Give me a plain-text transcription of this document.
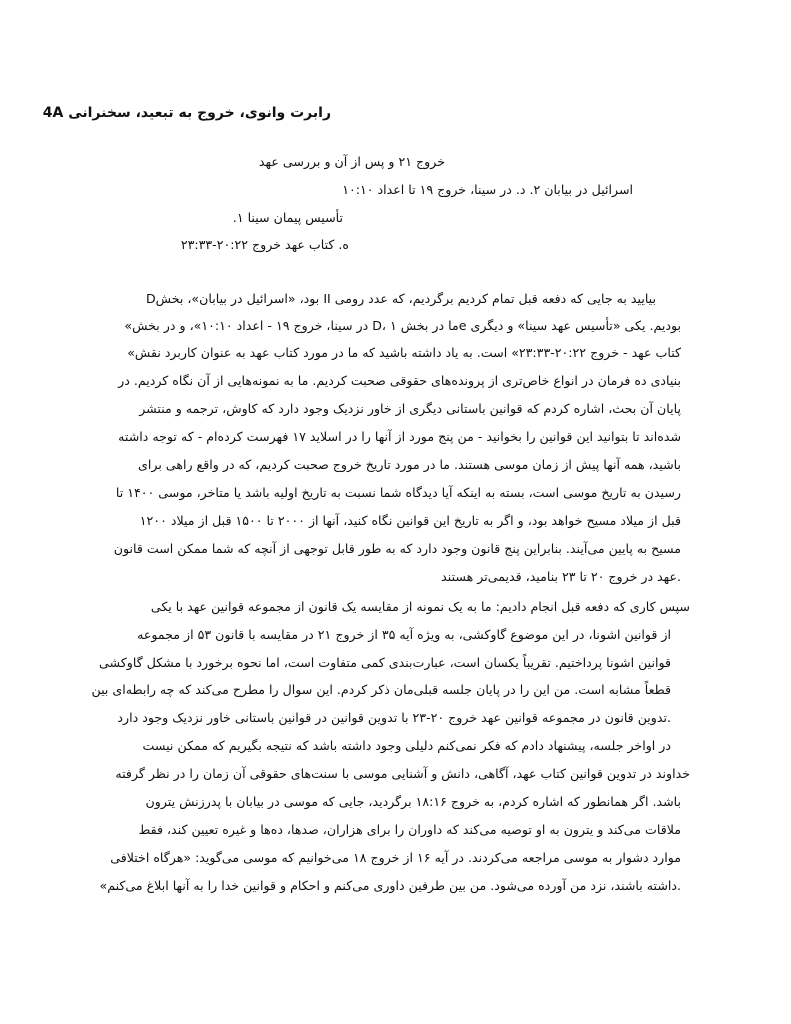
رابرت وانوی، خروج به تبعید، سخنرانی 4A
خروج ۲۱ و پس از آن و بررسی عهد
اسرائیل در بیابان ۲. د. در سینا، خروج ۱۹ تا اعداد ۱۰:۱۰
تأسیس پیمان سینا ۱.
ه. کتاب عهد خروج ۲۰:۲۲-۲۳:۳۳
Dبود، «اسرائیل در بیابان»، بخش II بیایید به جایی که دفعه قبل تمام کردیم برگردیم، که عدد رومی
بودیم. یکی «تأسیس عهد سینا» و دیگری eما در بخش ۱ ،D در سینا، خروج ۱۹ - اعداد ۱۰:۱۰»، و در بخش»
کتاب عهد - خروج ۲۰:۲۲-۲۳:۳۳» است. به یاد داشته باشید که ما در مورد کتاب عهد به عنوان کاربرد نقش»
بنیادی ده فرمان در انواع خاص‌تری از پرونده‌های حقوقی صحبت کردیم. ما به نمونه‌هایی از آن نگاه کردیم. در
پایان آن بحث، اشاره کردم که قوانین باستانی دیگری از خاور نزدیک وجود دارد که کاوش، ترجمه و منتشر
شده‌اند تا بتوانید این قوانین را بخوانید - من پنج مورد از آنها را در اسلاید ۱۷ فهرست کرده‌ام - که توجه داشته
باشید، همه آنها پیش از زمان موسی هستند. ما در مورد تاریخ خروج صحبت کردیم، که در واقع راهی برای
رسیدن به تاریخ موسی است، بسته به اینکه آیا دیدگاه شما نسبت به تاریخ اولیه باشد یا متاخر، موسی ۱۴۰۰ تا
قبل از میلاد مسیح خواهد بود، و اگر به تاریخ این قوانین نگاه کنید، آنها از ۲۰۰۰ تا ۱۵۰۰ قبل از میلاد ۱۲۰۰
مسیح به پایین می‌آیند. بنابراین پنج قانون وجود دارد که به طور قابل توجهی از آنچه که شما ممکن است قانون
.عهد در خروج ۲۰ تا ۲۳ بنامید، قدیمی‌تر هستند
سپس کاری که دفعه قبل انجام دادیم: ما به یک نمونه از مقایسه یک قانون از مجموعه قوانین عهد با یکی
از قوانین اشونا، در این موضوع گاوکشی، به ویژه آیه ۳۵ از خروج ۲۱ در مقایسه با قانون ۵۳ از مجموعه
قوانین اشونا پرداختیم. تقریباً یکسان است، عبارت‌بندی کمی متفاوت است، اما نحوه برخورد با مشکل گاوکشی
قطعاً مشابه است. من این را در پایان جلسه قبلی‌مان ذکر کردم. این سوال را مطرح می‌کند که چه رابطه‌ای بین
.تدوین قانون در مجموعه قوانین عهد خروج ۲۰-۲۳ با تدوین قوانین در قوانین باستانی خاور نزدیک وجود دارد
در اواخر جلسه، پیشنهاد دادم که فکر نمی‌کنم دلیلی وجود داشته باشد که نتیجه بگیریم که ممکن نیست
خداوند در تدوین قوانین کتاب عهد، آگاهی، دانش و آشنایی موسی با سنت‌های حقوقی آن زمان را در نظر گرفته
باشد. اگر همانطور که اشاره کردم، به خروج ۱۸:۱۶ برگردید، جایی که موسی در بیابان با پدرزنش یترون
ملاقات می‌کند و یترون به او توصیه می‌کند که داوران را برای هزاران، صدها، ده‌ها و غیره تعیین کند، فقط
موارد دشوار به موسی مراجعه می‌کردند. در آیه ۱۶ از خروج ۱۸ می‌خوانیم که موسی می‌گوید: «هرگاه اختلافی
.داشته باشند، نزد من آورده می‌شود. من بین طرفین داوری می‌کنم و احکام و قوانین خدا را به آنها ابلاغ می‌کنم»
